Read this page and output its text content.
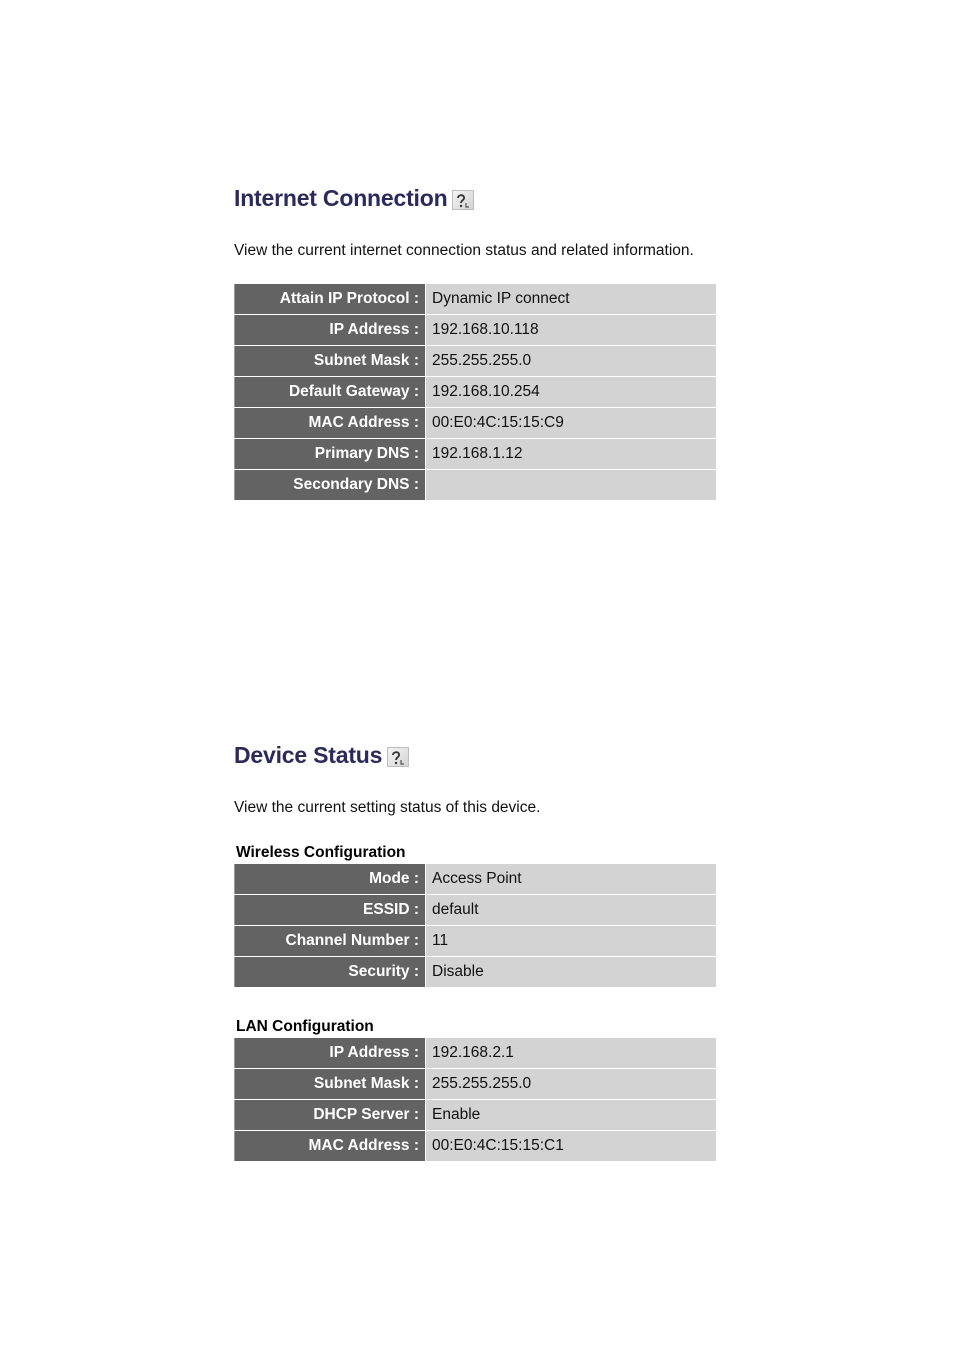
Internet Connection

View the current internet connection status and related information.

Attain IP Protocol :	Dynamic IP connect
IP Address :	192.168.10.118
Subnet Mask :	255.255.255.0
Default Gateway :	192.168.10.254
MAC Address :	00:E0:4C:15:15:C9
Primary DNS :	192.168.1.12
Secondary DNS :	
Device Status

View the current setting status of this device.

Wireless Configuration
Mode :	Access Point
ESSID :	default
Channel Number :	11
Security :	Disable
LAN Configuration
IP Address :	192.168.2.1
Subnet Mask :	255.255.255.0
DHCP Server :	Enable
MAC Address :	00:E0:4C:15:15:C1
